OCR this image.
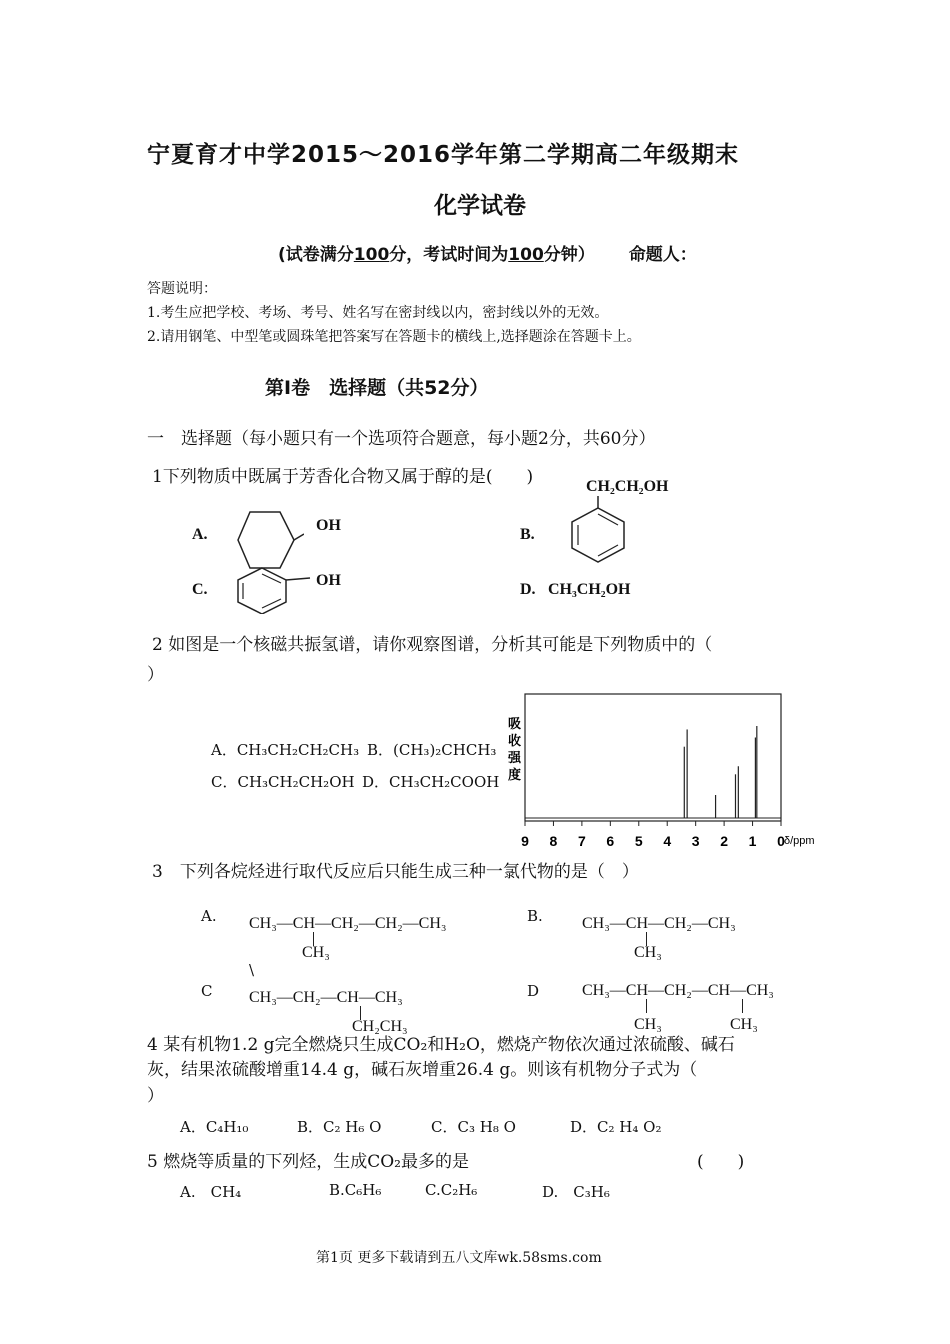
宁夏育才中学2015～2016学年第二学期高二年级期末
化学试卷
(试卷满分100分，考试时间为100分钟） 命题人：
答题说明：
1.考生应把学校、考场、考号、姓名写在密封线以内，密封线以外的无效。
2.请用钢笔、中型笔或圆珠笔把答案写在答题卡的横线上,选择题涂在答题卡上。
第Ⅰ卷　选择题（共52分）
一　选择题（每小题只有一个选项符合题意，每小题2分，共60分）
1下列物质中既属于芳香化合物又属于醇的是(　　)
A.
OH
B.
CH₂CH₂OH
C.
OH
D. CH₃CH₂OH
2 如图是一个核磁共振氢谱，请你观察图谱，分析其可能是下列物质中的（
）
A．CH₃CH₂CH₂CH₃ B．(CH₃)₂CHCH₃
C．CH₃CH₂CH₂OH D．CH₃CH₂COOH
吸
收
强
度
9 8 7 6 5 4 3 2 1 0 δ/ppm
3　下列各烷烃进行取代反应后只能生成三种一氯代物的是（　）
A. CH₃—CH—CH₂—CH₂—CH₃
CH₃
B. CH₃—CH—CH₂—CH₃
CH₃
\
C CH₃—CH₂—CH—CH₃
CH₂CH₃
D	CH₃—CH—CH₂—CH—CH₃
CH₃	CH₃
4 某有机物1.2 g完全燃烧只生成CO₂和H₂O，燃烧产物依次通过浓硫酸、碱石
灰，结果浓硫酸增重14.4 g，碱石灰增重26.4 g。则该有机物分子式为（
）
A．C₄H₁₀	B．C₂ H₆ O	C．C₃ H₈ O	D．C₂ H₄ O₂
5 燃烧等质量的下列烃，生成CO₂最多的是	(　　)
A.　CH₄	B.C₆H₆	C.C₂H₆	D.　C₃H₆
第1页 更多下载请到五八文库wk.58sms.com
